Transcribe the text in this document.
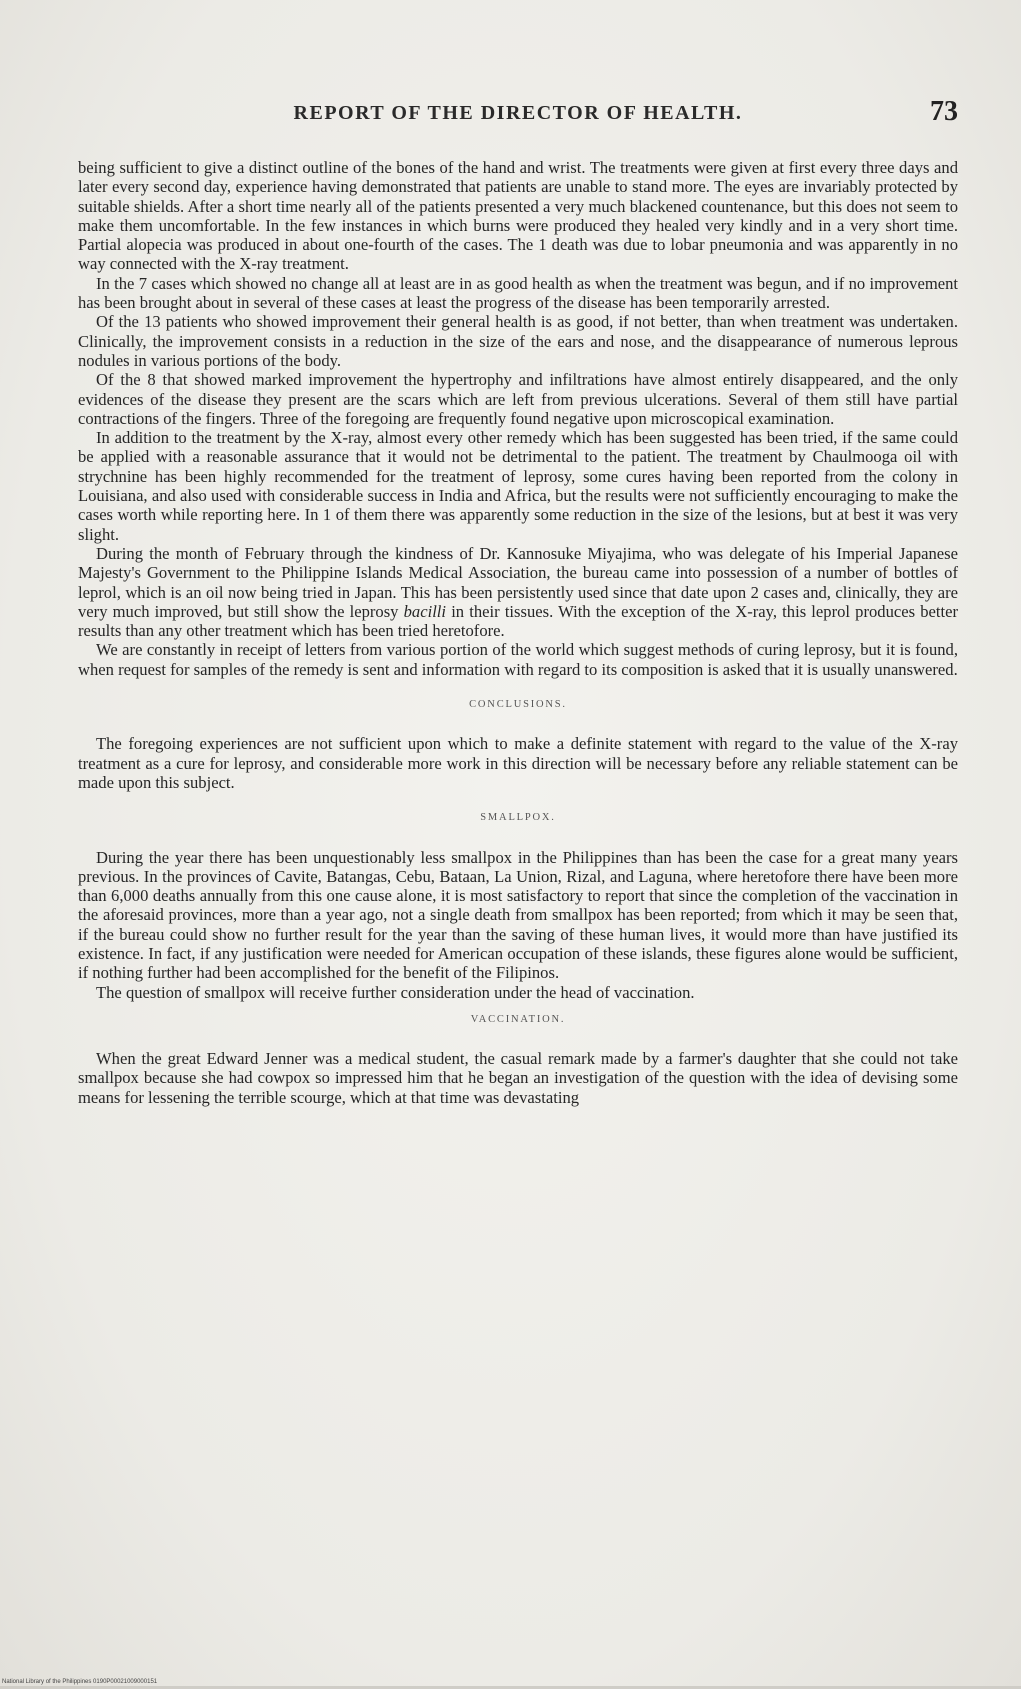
REPORT OF THE DIRECTOR OF HEALTH.	73

being sufficient to give a distinct outline of the bones of the hand and wrist. The treatments were given at first every three days and later every second day, experience having demonstrated that patients are unable to stand more. The eyes are invariably protected by suitable shields. After a short time nearly all of the patients presented a very much blackened countenance, but this does not seem to make them uncomfortable. In the few instances in which burns were produced they healed very kindly and in a very short time. Partial alopecia was produced in about one-fourth of the cases. The 1 death was due to lobar pneumonia and was apparently in no way connected with the X-ray treatment.

In the 7 cases which showed no change all at least are in as good health as when the treatment was begun, and if no improvement has been brought about in several of these cases at least the progress of the disease has been temporarily arrested.

Of the 13 patients who showed improvement their general health is as good, if not better, than when treatment was undertaken. Clinically, the improvement consists in a reduction in the size of the ears and nose, and the disappearance of numerous leprous nodules in various portions of the body.

Of the 8 that showed marked improvement the hypertrophy and infiltrations have almost entirely disappeared, and the only evidences of the disease they present are the scars which are left from previous ulcerations. Several of them still have partial contractions of the fingers. Three of the foregoing are frequently found negative upon microscopical examination.

In addition to the treatment by the X-ray, almost every other remedy which has been suggested has been tried, if the same could be applied with a reasonable assurance that it would not be detrimental to the patient. The treatment by Chaulmooga oil with strychnine has been highly recommended for the treatment of leprosy, some cures having been reported from the colony in Louisiana, and also used with considerable success in India and Africa, but the results were not sufficiently encouraging to make the cases worth while reporting here. In 1 of them there was apparently some reduction in the size of the lesions, but at best it was very slight.

During the month of February through the kindness of Dr. Kannosuke Miyajima, who was delegate of his Imperial Japanese Majesty's Government to the Philippine Islands Medical Association, the bureau came into possession of a number of bottles of leprol, which is an oil now being tried in Japan. This has been persistently used since that date upon 2 cases and, clinically, they are very much improved, but still show the leprosy bacilli in their tissues. With the exception of the X-ray, this leprol produces better results than any other treatment which has been tried heretofore.

We are constantly in receipt of letters from various portion of the world which suggest methods of curing leprosy, but it is found, when request for samples of the remedy is sent and information with regard to its composition is asked that it is usually unanswered.

CONCLUSIONS.

The foregoing experiences are not sufficient upon which to make a definite statement with regard to the value of the X-ray treatment as a cure for leprosy, and considerable more work in this direction will be necessary before any reliable statement can be made upon this subject.

SMALLPOX.

During the year there has been unquestionably less smallpox in the Philippines than has been the case for a great many years previous. In the provinces of Cavite, Batangas, Cebu, Bataan, La Union, Rizal, and Laguna, where heretofore there have been more than 6,000 deaths annually from this one cause alone, it is most satisfactory to report that since the completion of the vaccination in the aforesaid provinces, more than a year ago, not a single death from smallpox has been reported; from which it may be seen that, if the bureau could show no further result for the year than the saving of these human lives, it would more than have justified its existence. In fact, if any justification were needed for American occupation of these islands, these figures alone would be sufficient, if nothing further had been accomplished for the benefit of the Filipinos.

The question of smallpox will receive further consideration under the head of vaccination.

VACCINATION.

When the great Edward Jenner was a medical student, the casual remark made by a farmer's daughter that she could not take smallpox because she had cowpox so impressed him that he began an investigation of the question with the idea of devising some means for lessening the terrible scourge, which at that time was devastating

National Library of the Philippines 0190P00021009000151
